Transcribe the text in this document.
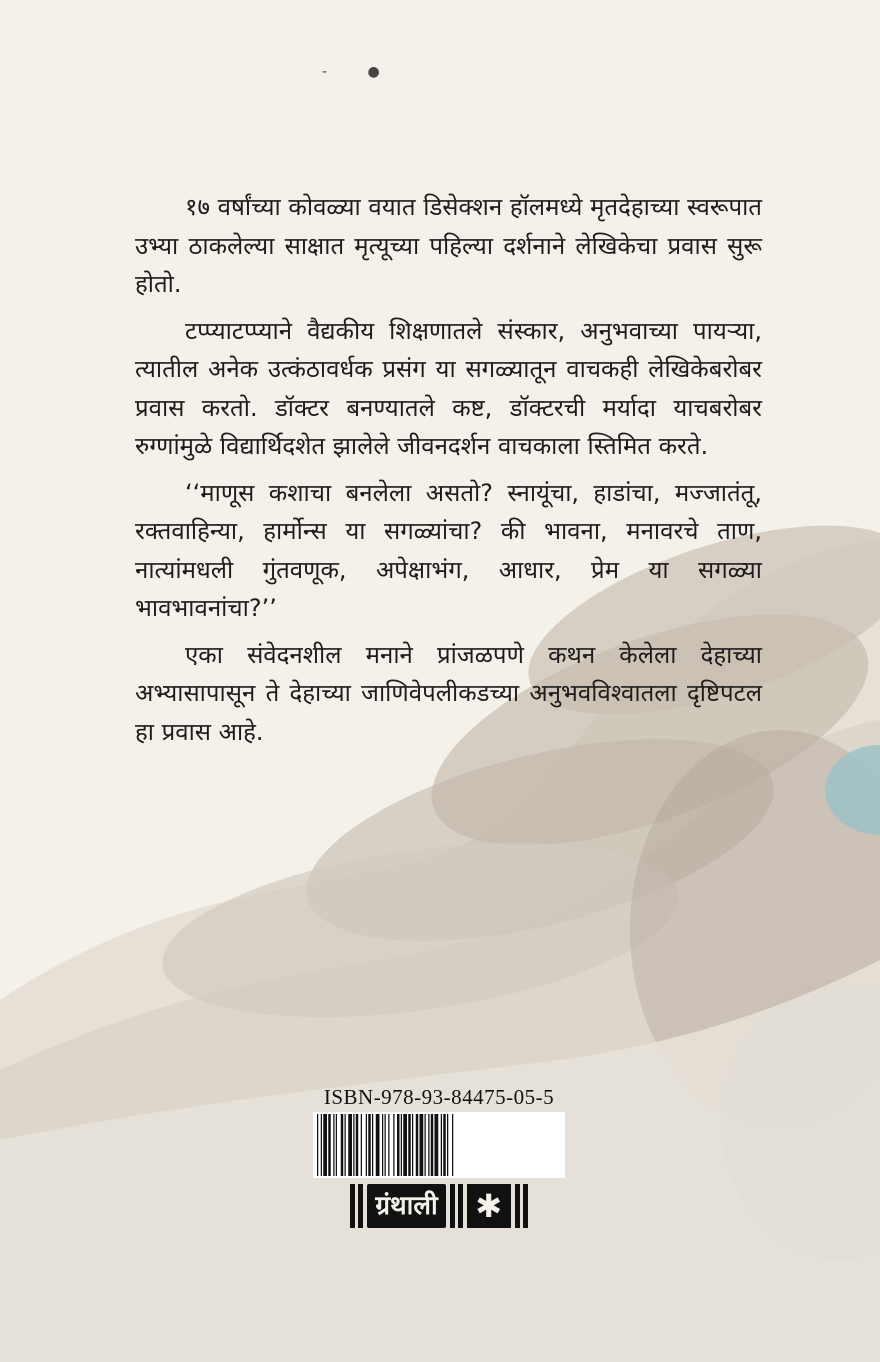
‐ ●

१७ वर्षांच्या कोवळ्या वयात डिसेक्शन हॉलमध्ये मृतदेहाच्या स्वरूपात उभ्या ठाकलेल्या साक्षात मृत्यूच्या पहिल्या दर्शनाने लेखिकेचा प्रवास सुरू होतो.

टप्प्याटप्प्याने वैद्यकीय शिक्षणातले संस्कार, अनुभवाच्या पायऱ्या, त्यातील अनेक उत्कंठावर्धक प्रसंग या सगळ्यातून वाचकही लेखिकेबरोबर प्रवास करतो. डॉक्टर बनण्यातले कष्ट, डॉक्टरची मर्यादा याचबरोबर रुग्णांमुळे विद्यार्थिदशेत झालेले जीवनदर्शन वाचकाला स्तिमित करते.

‘‘माणूस कशाचा बनलेला असतो? स्नायूंचा, हाडांचा, मज्जातंतू, रक्तवाहिन्या, हार्मोन्स या सगळ्यांचा? की भावना, मनावरचे ताण, नात्यांमधली गुंतवणूक, अपेक्षाभंग, आधार, प्रेम या सगळ्या भावभावनांचा?’’

एका संवेदनशील मनाने प्रांजळपणे कथन केलेला देहाच्या अभ्यासापासून ते देहाच्या जाणिवेपलीकडच्या अनुभवविश्वातला दृष्टिपटल हा प्रवास आहे.

ISBN-978-93-84475-05-5
ग्रंथाली ✱
